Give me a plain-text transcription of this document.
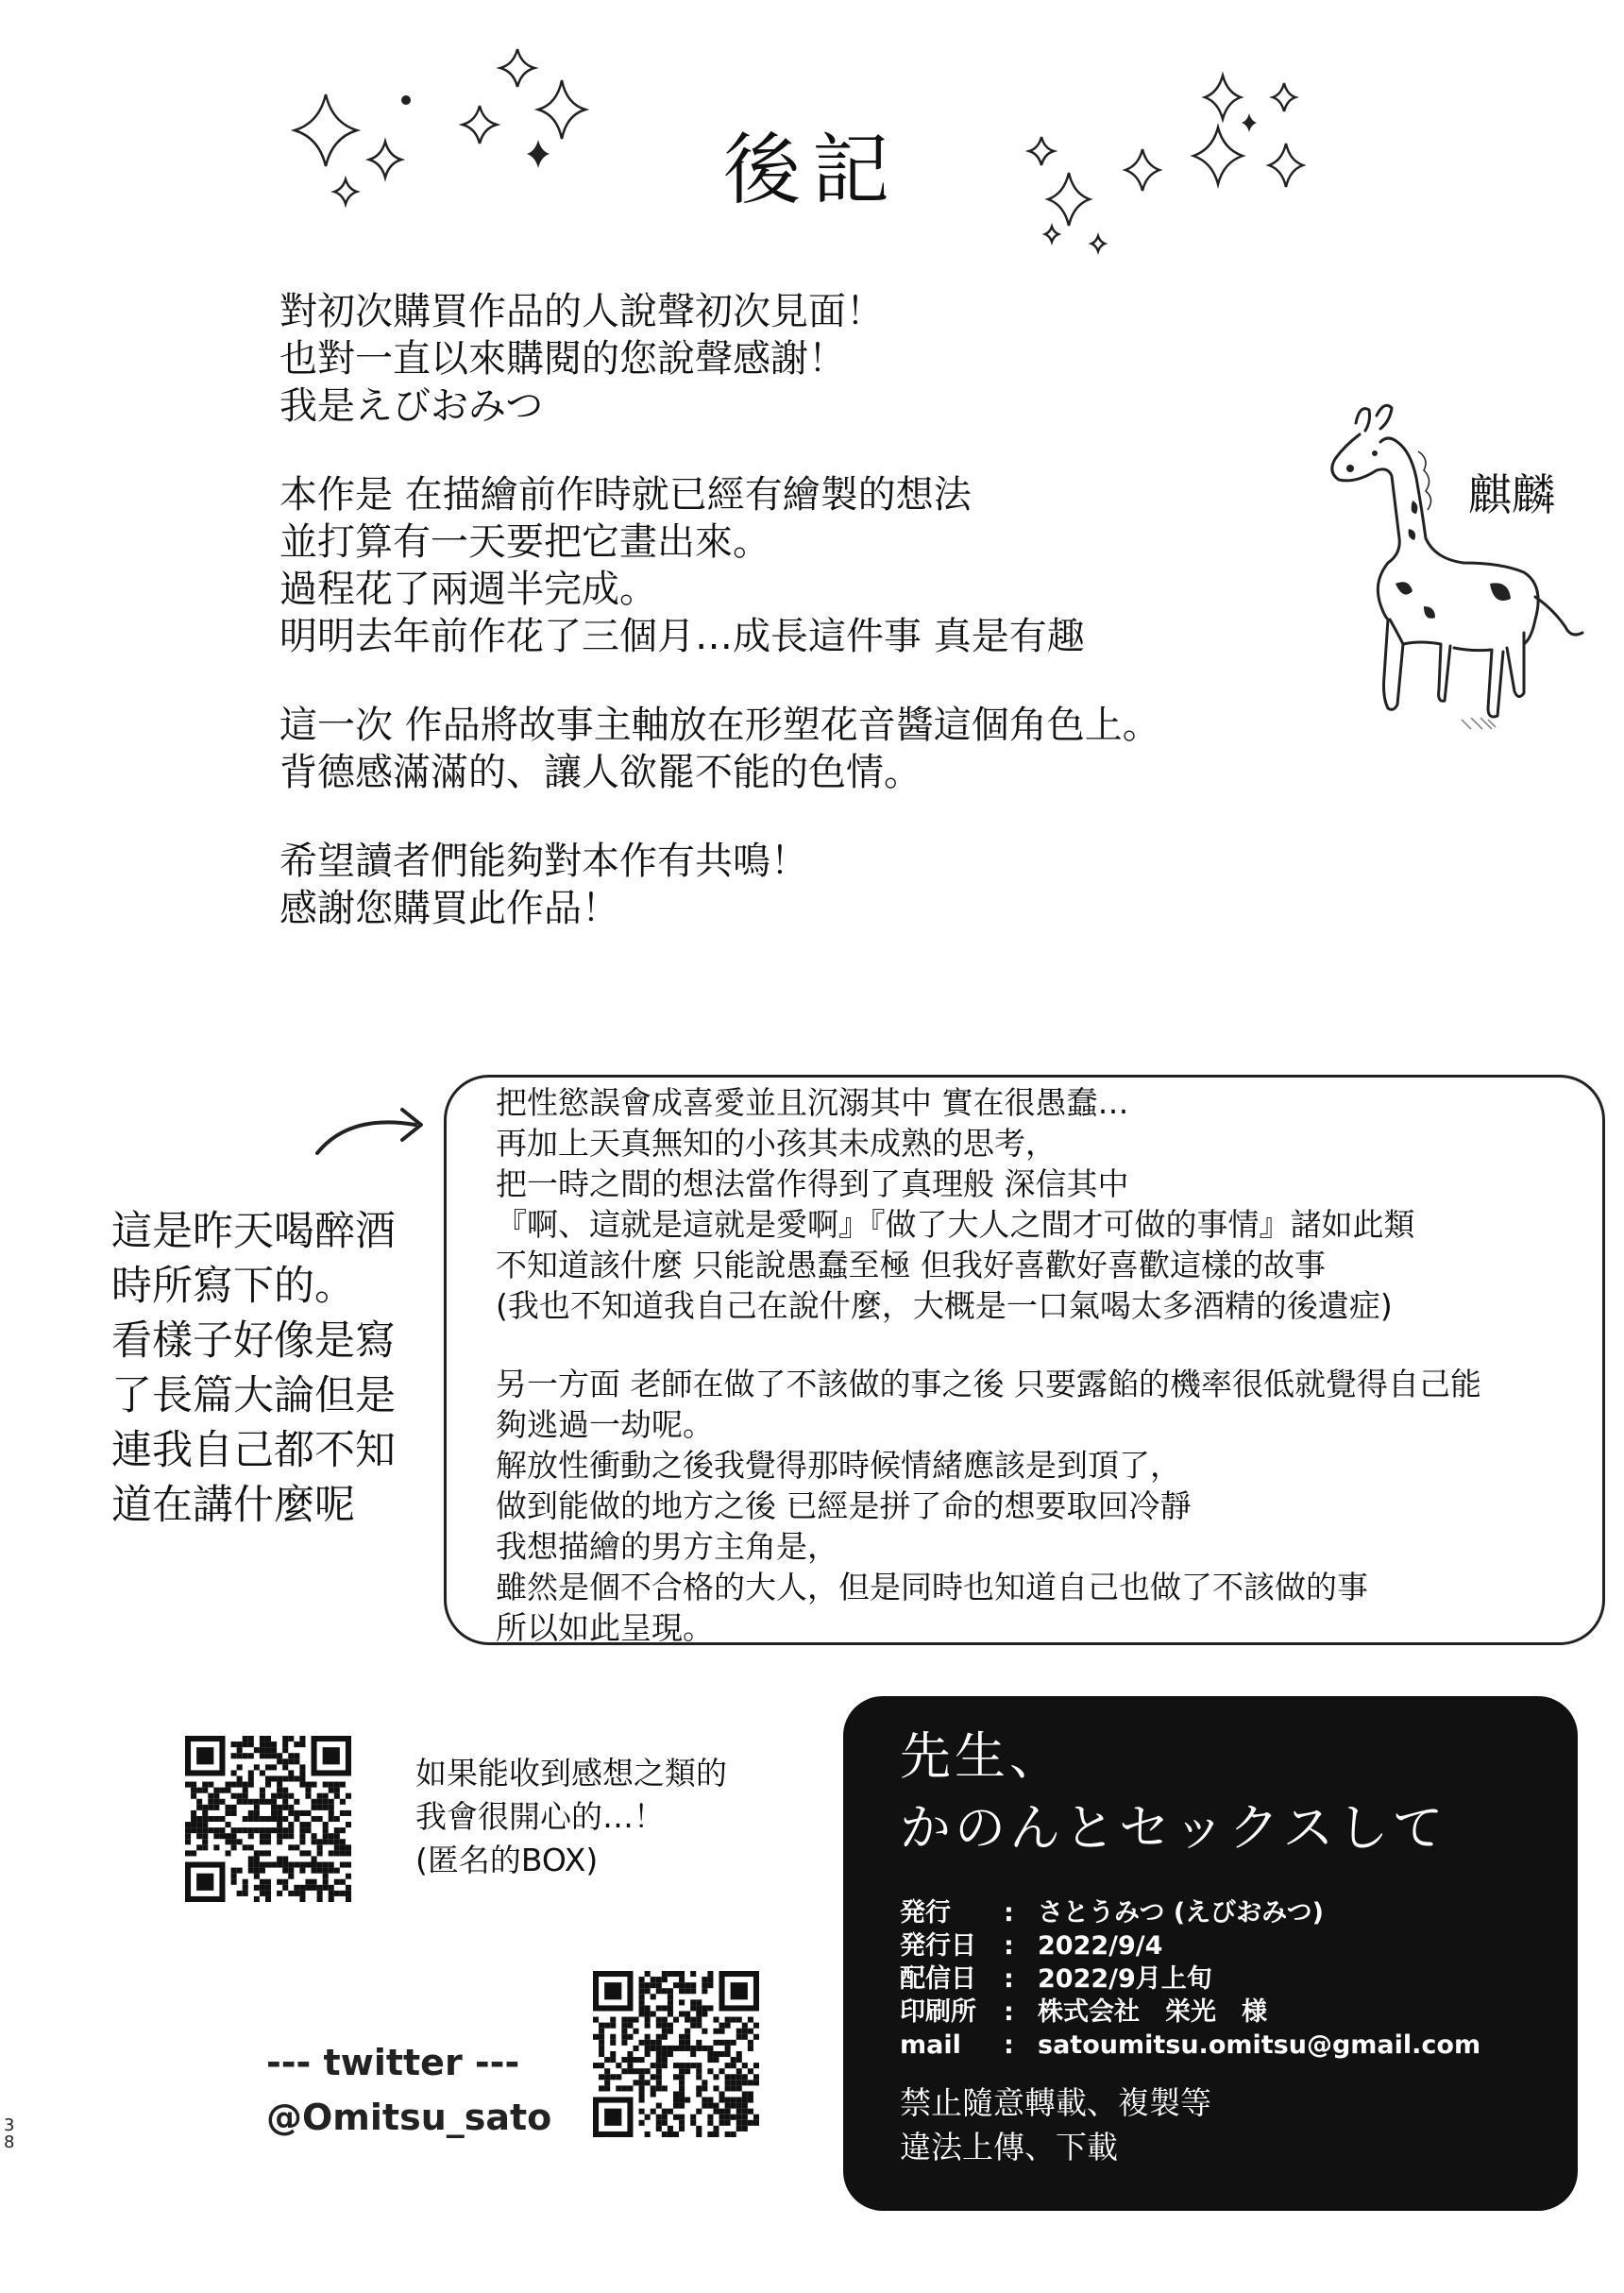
後記

對初次購買作品的人說聲初次見面！
也對一直以來購閱的您說聲感謝！
我是えびおみつ

本作是 在描繪前作時就已經有繪製的想法
並打算有一天要把它畫出來。
過程花了兩週半完成。
明明去年前作花了三個月…成長這件事 真是有趣

這一次 作品將故事主軸放在形塑花音醬這個角色上。
背德感滿滿的、讓人欲罷不能的色情。

希望讀者們能夠對本作有共鳴！
感謝您購買此作品！

麒麟
這是昨天喝醉酒
時所寫下的。
看樣子好像是寫
了長篇大論但是
連我自己都不知
道在講什麼呢

把性慾誤會成喜愛並且沉溺其中 實在很愚蠢…
再加上天真無知的小孩其未成熟的思考，
把一時之間的想法當作得到了真理般 深信其中
『啊、這就是這就是愛啊』『做了大人之間才可做的事情』諸如此類
不知道該什麼 只能說愚蠢至極 但我好喜歡好喜歡這樣的故事
(我也不知道我自己在說什麼，大概是一口氣喝太多酒精的後遺症)

另一方面 老師在做了不該做的事之後 只要露餡的機率很低就覺得自己能
夠逃過一劫呢。
解放性衝動之後我覺得那時候情緒應該是到頂了，
做到能做的地方之後 已經是拼了命的想要取回冷靜
我想描繪的男方主角是，
雖然是個不合格的大人，但是同時也知道自己也做了不該做的事
所以如此呈現。

如果能收到感想之類的
我會很開心的…！
(匿名的BOX)
--- twitter ---
@Omitsu_sato
3
8
先生、
かのんとセックスして
発行 : さとうみつ (えびおみつ)
発行日 : 2022/9/4
配信日 : 2022/9月上旬
印刷所 : 株式会社　栄光　様
mail : satoumitsu.omitsu@gmail.com
禁止隨意轉載、複製等
違法上傳、下載
